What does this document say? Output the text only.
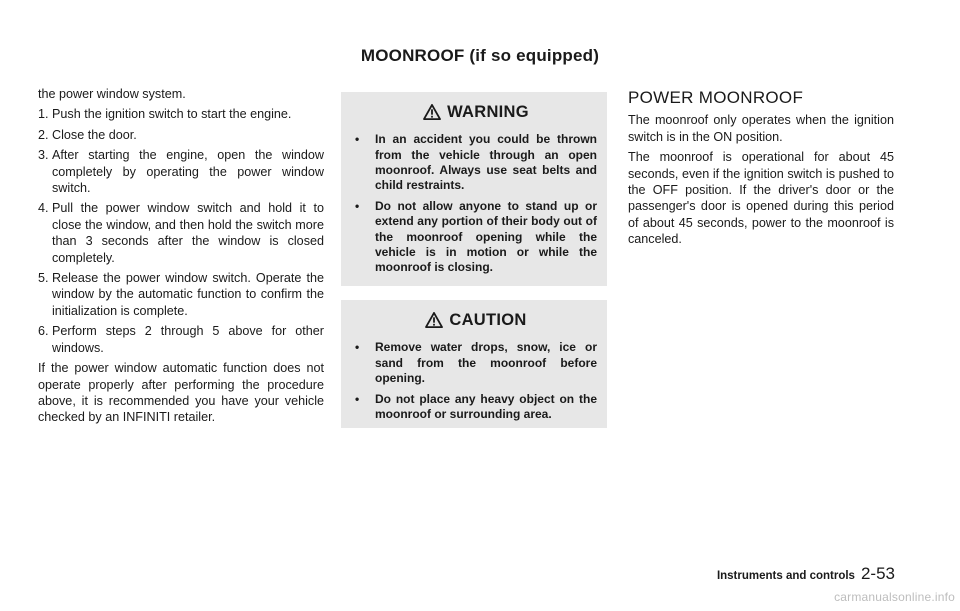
MOONROOF (if so equipped)

the power window system.

1. Push the ignition switch to start the engine.
2. Close the door.
3. After starting the engine, open the window completely by operating the power window switch.
4. Pull the power window switch and hold it to close the window, and then hold the switch more than 3 seconds after the window is closed completely.
5. Release the power window switch. Operate the window by the automatic function to confirm the initialization is complete.
6. Perform steps 2 through 5 above for other windows.

If the power window automatic function does not operate properly after performing the procedure above, it is recommended you have your vehicle checked by an INFINITI retailer.

WARNING
•	In an accident you could be thrown from the vehicle through an open moonroof. Always use seat belts and child restraints.
•	Do not allow anyone to stand up or extend any portion of their body out of the moonroof opening while the vehicle is in motion or while the moonroof is closing.
CAUTION
•	Remove water drops, snow, ice or sand from the moonroof before opening.
•	Do not place any heavy object on the moonroof or surrounding area.
POWER MOONROOF

The moonroof only operates when the ignition switch is in the ON position.

The moonroof is operational for about 45 seconds, even if the ignition switch is pushed to the OFF position. If the driver's door or the passenger's door is opened during this period of about 45 seconds, power to the moonroof is canceled.

Instruments and controls 2-53
carmanualsonline.info
